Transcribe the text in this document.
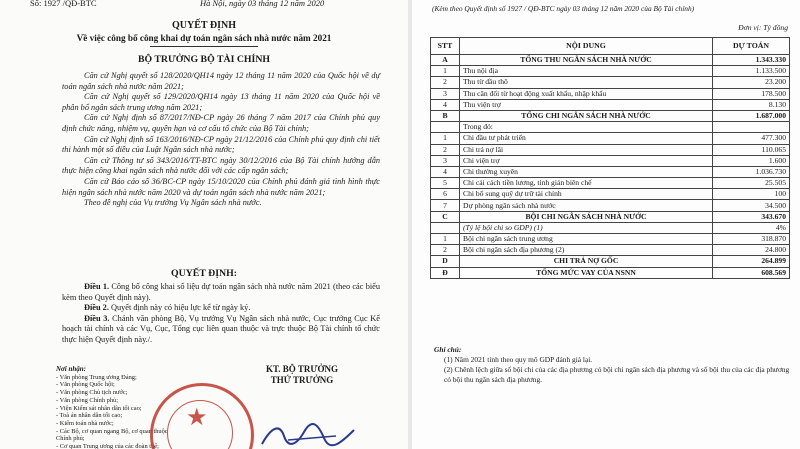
Số: 1927 /QĐ-BTC	Hà Nội, ngày 03 tháng 12 năm 2020
QUYẾT ĐỊNH
Về việc công bố công khai dự toán ngân sách nhà nước năm 2021
BỘ TRƯỞNG BỘ TÀI CHÍNH

Căn cứ Nghị quyết số 128/2020/QH14 ngày 12 tháng 11 năm 2020 của Quốc hội về dự toán ngân sách nhà nước năm 2021;

Căn cứ Nghị quyết số 129/2020/QH14 ngày 13 tháng 11 năm 2020 của Quốc hội về phân bổ ngân sách trung ương năm 2021;

Căn cứ Nghị định số 87/2017/NĐ-CP ngày 26 tháng 7 năm 2017 của Chính phủ quy định chức năng, nhiệm vụ, quyền hạn và cơ cấu tổ chức của Bộ Tài chính;

Căn cứ Nghị định số 163/2016/NĐ-CP ngày 21/12/2016 của Chính phủ quy định chi tiết thi hành một số điều của Luật Ngân sách nhà nước;

Căn cứ Thông tư số 343/2016/TT-BTC ngày 30/12/2016 của Bộ Tài chính hướng dẫn thực hiện công khai ngân sách nhà nước đối với các cấp ngân sách;

Căn cứ Báo cáo số 36/BC-CP ngày 15/10/2020 của Chính phủ đánh giá tình hình thực hiện ngân sách nhà nước năm 2020 và dự toán ngân sách nhà nước năm 2021;

Theo đề nghị của Vụ trưởng Vụ Ngân sách nhà nước.

QUYẾT ĐỊNH:

Điều 1. Công bố công khai số liệu dự toán ngân sách nhà nước năm 2021 (theo các biểu kèm theo Quyết định này).

Điều 2. Quyết định này có hiệu lực kể từ ngày ký.

Điều 3. Chánh văn phòng Bộ, Vụ trưởng Vụ Ngân sách nhà nước, Cục trưởng Cục Kế hoạch tài chính và các Vụ, Cục, Tổng cục liên quan thuộc và trực thuộc Bộ Tài chính tổ chức thực hiện Quyết định này./.

Nơi nhận:
- Văn phòng Trung ương Đảng;
- Văn phòng Quốc hội;
- Văn phòng Chủ tịch nước;
- Văn phòng Chính phủ;
- Viện Kiểm sát nhân dân tối cao;
- Toà án nhân dân tối cao;
- Kiểm toán nhà nước;
- Các Bộ, cơ quan ngang Bộ, cơ quan thuộc
Chính phủ;
- Cơ quan Trung ương của các đoàn thể;
KT. BỘ TRƯỞNG
THỨ TRƯỞNG
★
(Kèm theo Quyết định số 1927 / QĐ-BTC ngày 03 tháng 12 năm 2020 của Bộ Tài chính)
Đơn vị: Tỷ đồng
STT	NỘI DUNG	DỰ TOÁN
A	TỔNG THU NGÂN SÁCH NHÀ NƯỚC	1.343.330
1	Thu nội địa	1.133.500
2	Thu từ dầu thô	23.200
3	Thu cân đối từ hoạt động xuất khẩu, nhập khẩu	178.500
4	Thu viện trợ	8.130
B	TỔNG CHI NGÂN SÁCH NHÀ NƯỚC	1.687.000
	Trong đó:	
1	Chi đầu tư phát triển	477.300
2	Chi trả nợ lãi	110.065
3	Chi viện trợ	1.600
4	Chi thường xuyên	1.036.730
5	Chi cải cách tiền lương, tinh giản biên chế	25.505
6	Chi bổ sung quỹ dự trữ tài chính	100
7	Dự phòng ngân sách nhà nước	34.500
C	BỘI CHI NGÂN SÁCH NHÀ NƯỚC	343.670
	(Tỷ lệ bội chi so GDP) (1)	4%
1	Bội chi ngân sách trung ương	318.870
2	Bội chi ngân sách địa phương (2)	24.800
D	CHI TRẢ NỢ GỐC	264.899
Đ	TỔNG MỨC VAY CỦA NSNN	608.569
Ghi chú:
(1) Năm 2021 tính theo quy mô GDP đánh giá lại.
(2) Chênh lệch giữa số bội chi của các địa phương có bội chi ngân sách địa phương và số bội thu của các địa phương có bội thu ngân sách địa phương.
